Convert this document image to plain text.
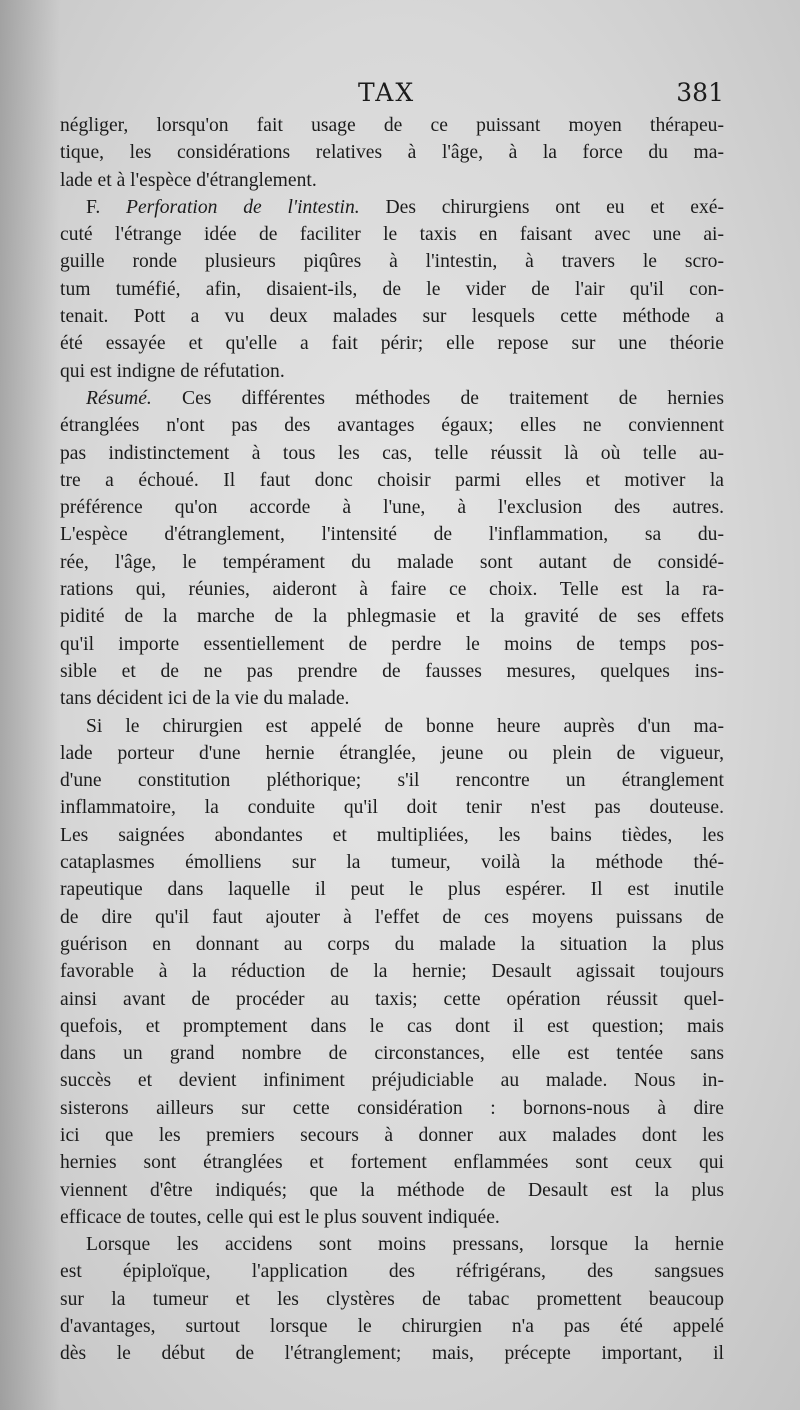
TAX	381
négliger, lorsqu'on fait usage de ce puissant moyen thérapeu-
tique, les considérations relatives à l'âge, à la force du ma-
lade et à l'espèce d'étranglement.
F. Perforation de l'intestin. Des chirurgiens ont eu et exé-
cuté l'étrange idée de faciliter le taxis en faisant avec une ai-
guille ronde plusieurs piqûres à l'intestin, à travers le scro-
tum tuméfié, afin, disaient-ils, de le vider de l'air qu'il con-
tenait. Pott a vu deux malades sur lesquels cette méthode a
été essayée et qu'elle a fait périr; elle repose sur une théorie
qui est indigne de réfutation.
Résumé. Ces différentes méthodes de traitement de hernies
étranglées n'ont pas des avantages égaux; elles ne conviennent
pas indistinctement à tous les cas, telle réussit là où telle au-
tre a échoué. Il faut donc choisir parmi elles et motiver la
préférence qu'on accorde à l'une, à l'exclusion des autres.
L'espèce d'étranglement, l'intensité de l'inflammation, sa du-
rée, l'âge, le tempérament du malade sont autant de considé-
rations qui, réunies, aideront à faire ce choix. Telle est la ra-
pidité de la marche de la phlegmasie et la gravité de ses effets
qu'il importe essentiellement de perdre le moins de temps pos-
sible et de ne pas prendre de fausses mesures, quelques ins-
tans décident ici de la vie du malade.
Si le chirurgien est appelé de bonne heure auprès d'un ma-
lade porteur d'une hernie étranglée, jeune ou plein de vigueur,
d'une constitution pléthorique; s'il rencontre un étranglement
inflammatoire, la conduite qu'il doit tenir n'est pas douteuse.
Les saignées abondantes et multipliées, les bains tièdes, les
cataplasmes émolliens sur la tumeur, voilà la méthode thé-
rapeutique dans laquelle il peut le plus espérer. Il est inutile
de dire qu'il faut ajouter à l'effet de ces moyens puissans de
guérison en donnant au corps du malade la situation la plus
favorable à la réduction de la hernie; Desault agissait toujours
ainsi avant de procéder au taxis; cette opération réussit quel-
quefois, et promptement dans le cas dont il est question; mais
dans un grand nombre de circonstances, elle est tentée sans
succès et devient infiniment préjudiciable au malade. Nous in-
sisterons ailleurs sur cette considération : bornons-nous à dire
ici que les premiers secours à donner aux malades dont les
hernies sont étranglées et fortement enflammées sont ceux qui
viennent d'être indiqués; que la méthode de Desault est la plus
efficace de toutes, celle qui est le plus souvent indiquée.
Lorsque les accidens sont moins pressans, lorsque la hernie
est épiploïque, l'application des réfrigérans, des sangsues
sur la tumeur et les clystères de tabac promettent beaucoup
d'avantages, surtout lorsque le chirurgien n'a pas été appelé
dès le début de l'étranglement; mais, précepte important, il
